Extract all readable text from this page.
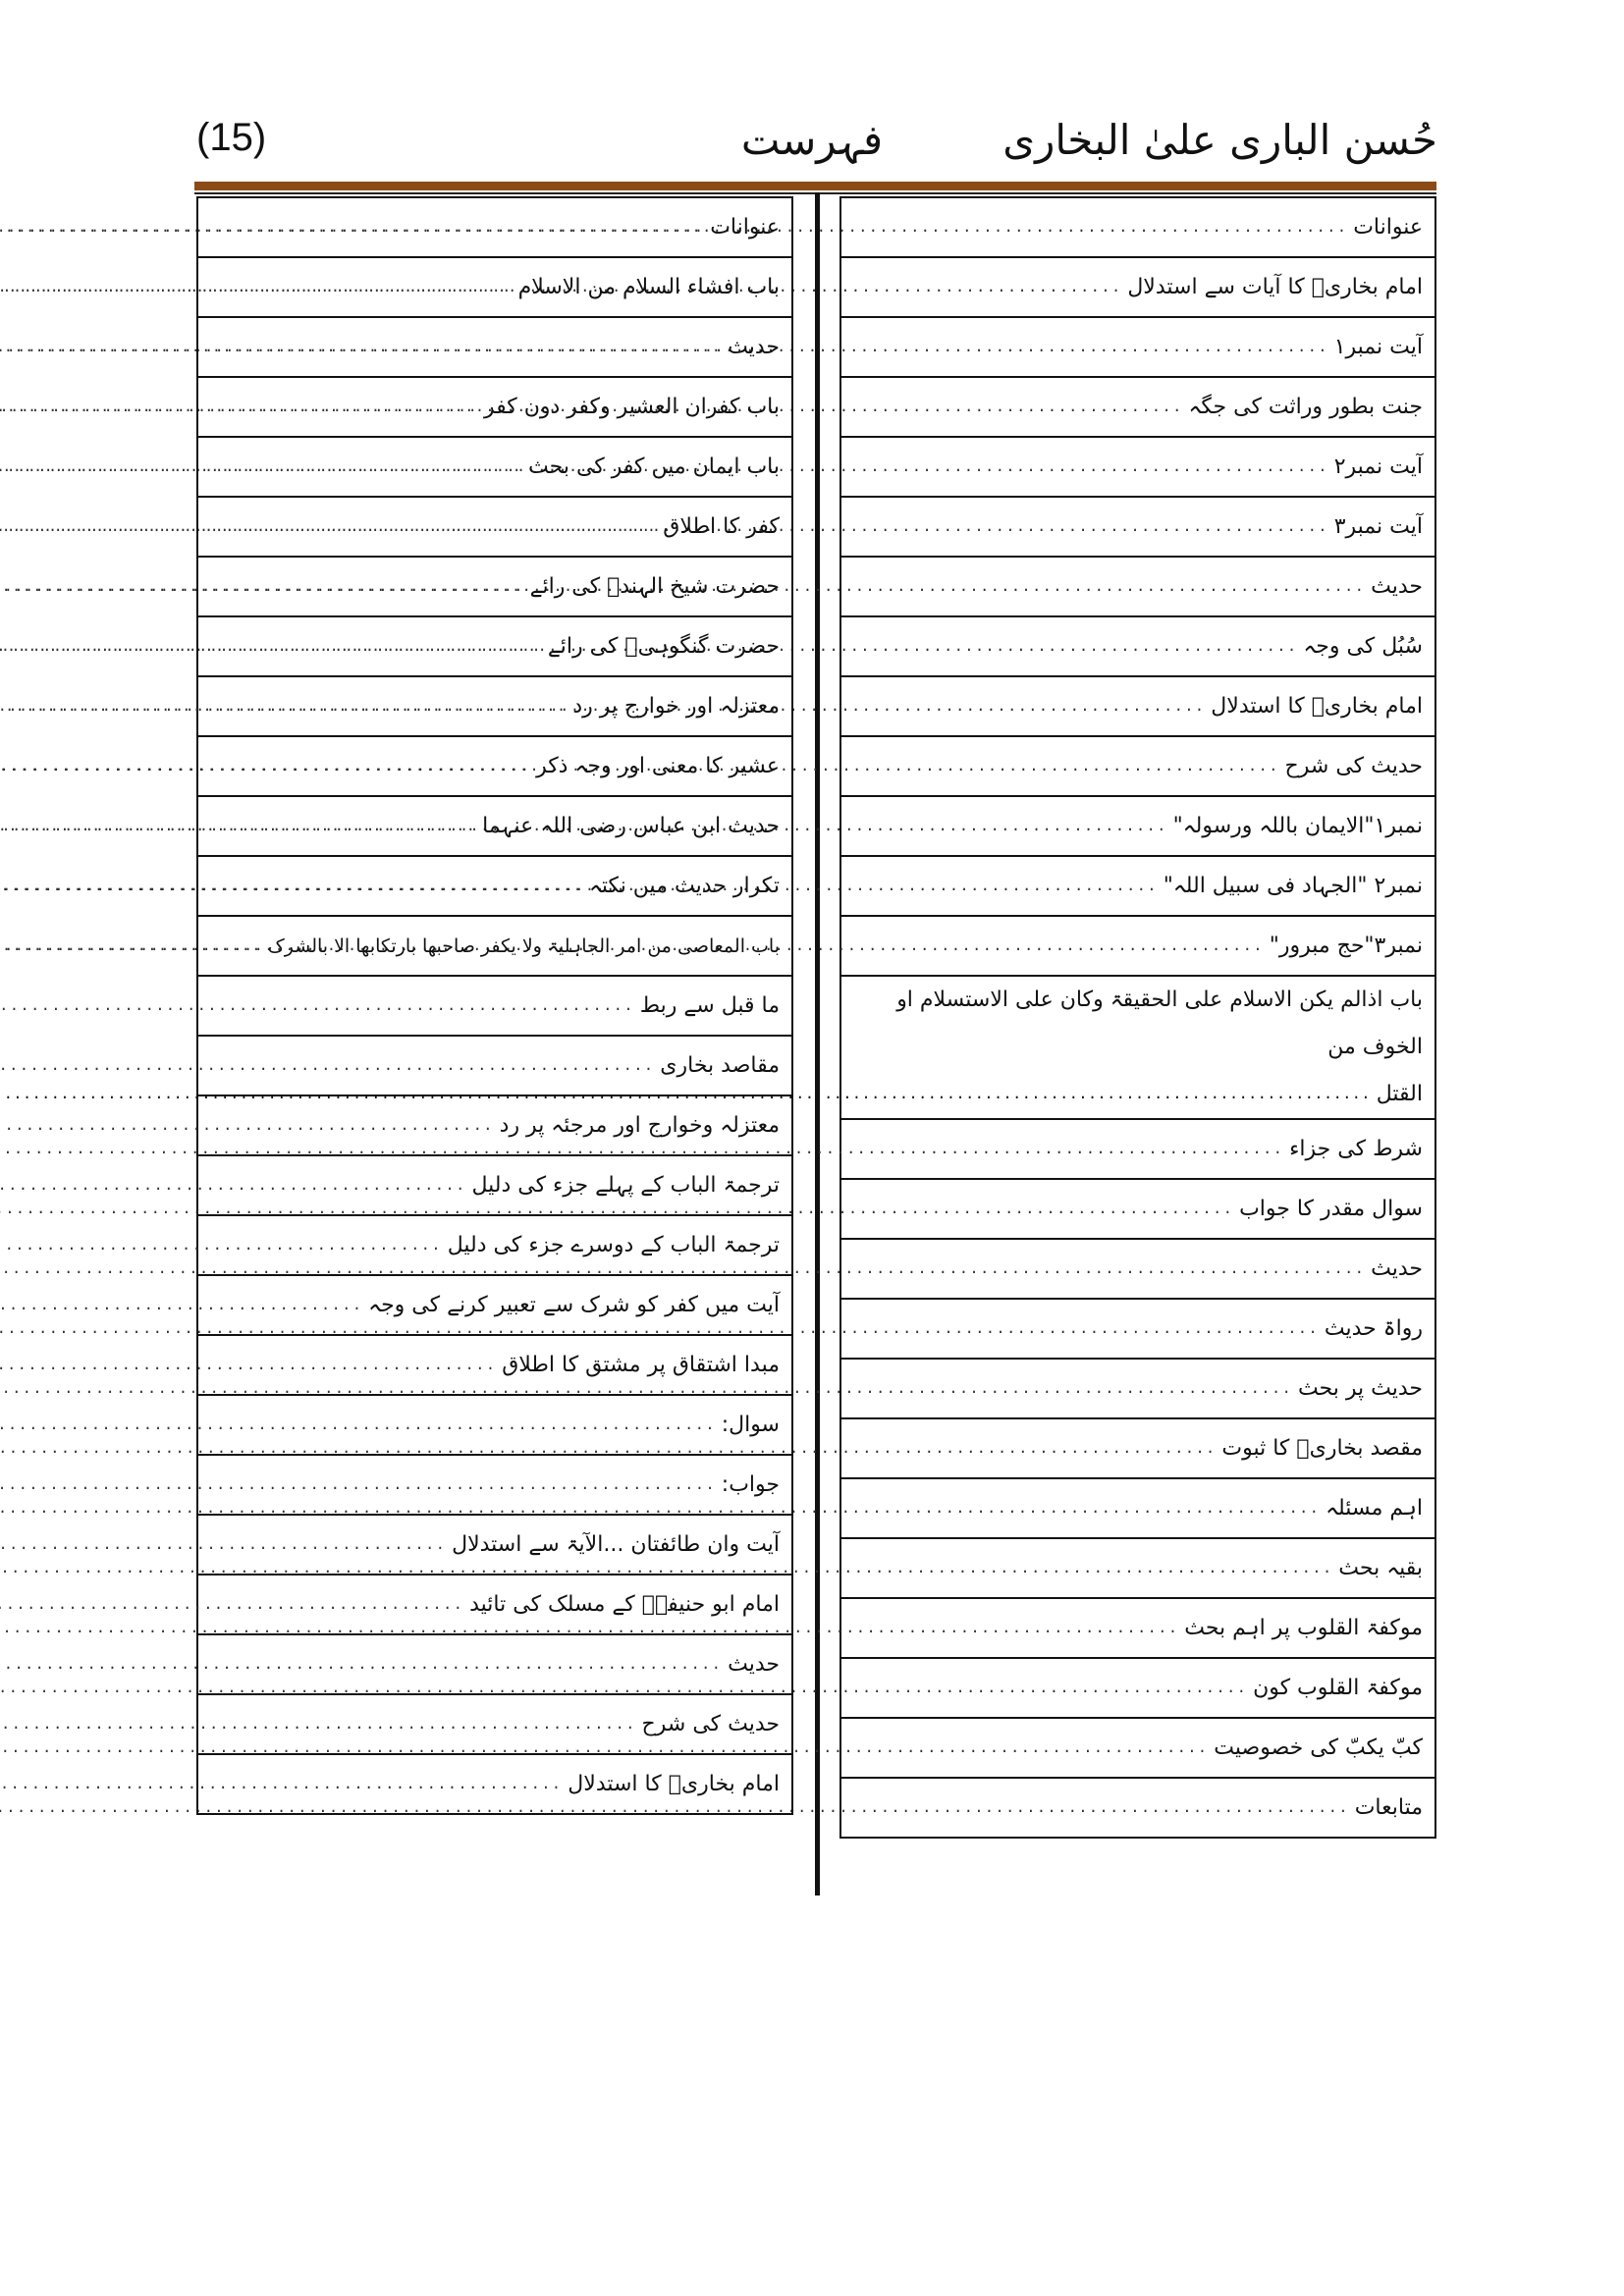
حُسن الباری علیٰ البخاری
فہرست
(15)
عنوانات
.....

امام بخاریؒ کا آیات سے استدلال
.....

آیت نمبر۱
.....

جنت بطور وراثت کی جگہ
.....

آیت نمبر۲
.....

آیت نمبر۳
.....

حدیث
.....

سُبُل کی وجہ
.....

امام بخاریؒ کا استدلال
.....

حدیث کی شرح
.....

نمبر۱"الایمان باللہ ورسولہ"
.....

نمبر۲ "الجہاد فی سبیل اللہ"
.....

نمبر۳"حج مبرور"
.....

باب اذالم یکن الاسلام علی الحقیقۃ وکان علی الاستسلام او الخوف من
القتل
.....

شرط کی جزاء
.....

سوال مقدر کا جواب
.....

حدیث
.....

رواۃ حدیث
.....

حدیث پر بحث
.....

مقصد بخاریؒ کا ثبوت
.....

اہم مسئلہ
.....

بقیہ بحث
.....

موکفۃ القلوب پر اہم بحث
.....

موکفۃ القلوب کون
.....

کبّ یکبّ کی خصوصیت
.....

متابعات
.....
عنوانات
.....

باب افشاء السلام من الاسلام
.....

حدیث
.....

باب کفران العشیر وکفر دون کفر
.....

باب ایمان میں کفر کی بحث
.....

کفر کا اطلاق
.....

حضرت شیخ الہندؒ کی رائے
.....

حضرت گنگوہیؒ کی رائے
.....

معتزلہ اور خوارج پر رد
.....

عشیر کا معنی اور وجہ ذکر
.....

حدیث ابن عباس رضی اللہ عنہما
.....

تکرار حدیث میں نکتہ
.....

باب المعاصی من امر الجاہلیۃ ولا یکفر صاحبھا بارتکابھا الا بالشرک
.....

ما قبل سے ربط
.....

مقاصد بخاری
.....

معتزلہ وخوارج اور مرجئہ پر رد
.....

ترجمۃ الباب کے پہلے جزء کی دلیل
.....

ترجمۃ الباب کے دوسرے جزء کی دلیل
.....

آیت میں کفر کو شرک سے تعبیر کرنے کی وجہ
.....

مبدا اشتقاق پر مشتق کا اطلاق
.....

سوال:
.....

جواب:
.....

آیت وان طائفتان ...الآیۃ سے استدلال
.....

امام ابو حنیفہؒ کے مسلک کی تائید
.....

حدیث
.....

حدیث کی شرح
.....

امام بخاریؒ کا استدلال
.....
